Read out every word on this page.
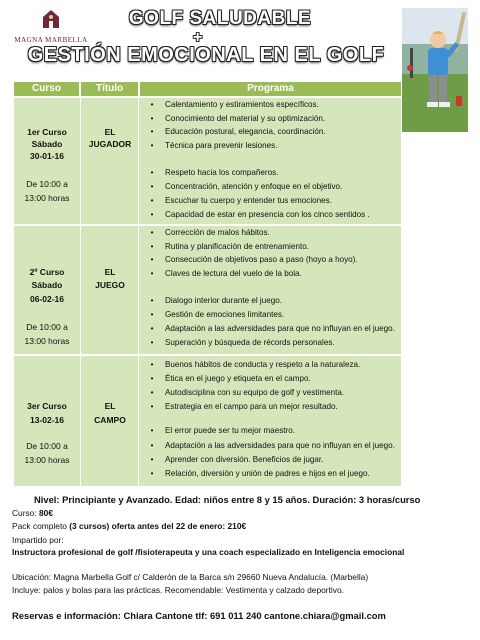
MAGNA MARBELLA
GOLF SALUDABLE
+
GESTIÓN EMOCIONAL EN EL GOLF
Curso	Título	Programa
1er Curso
Sábado
30-01-16
De 10:00 a
13:00 horas
EL
JUGADOR
• Calentamiento y estiramientos específicos.
• Conocimiento del material y su optimización.
• Educación postural, elegancia, coordinación.
• Técnica para prevenir lesiones.
• Respeto hacia los compañeros.
• Concentración, atención y enfoque en el objetivo.
• Escuchar tu cuerpo y entender tus emociones.
• Capacidad de estar en presencia con los cinco sentidos .
2º Curso
Sábado
06-02-16
De 10:00 a
13:00 horas
EL
JUEGO
• Corrección de malos hábitos.
• Rutina y planificación de entrenamiento.
• Consecución de objetivos paso a paso (hoyo a hoyo).
• Claves de lectura del vuelo de la bola.
• Dialogo interior durante el juego.
• Gestión de emociones limitantes.
• Adaptación a las adversidades para que no influyan en el juego.
• Superación y búsqueda de récords personales.
3er Curso
13-02-16
De 10:00 a
13:00 horas
EL
CAMPO
• Buenos hábitos de conducta y respeto a la naturaleza.
• Ética en el juego y etiqueta en el campo.
• Autodisciplina con su equipo de golf y vestimenta.
• Estrategia en el campo para un mejor resultado.
• El error puede ser tu mejor maestro.
• Adaptación a las adversidades para que no influyan en el juego.
• Aprender con diversión. Beneficios de jugar.
• Relación, diversión y unión de padres e hijos en el juego.
Nivel: Principiante y Avanzado. Edad: niños entre 8 y 15 años. Duración: 3 horas/curso
Curso: 80€
Pack completo (3 cursos) oferta antes del 22 de enero: 210€
Impartido por:
Instructora profesional de golf /fisioterapeuta y una coach especializado en Inteligencia emocional
Ubicación: Magna Marbella Golf c/ Calderón de la Barca s/n 29660 Nueva Andalucía. (Marbella)
Incluye: palos y bolas para las prácticas. Recomendable: Vestimenta y calzado deportivo.
Reservas e información: Chiara Cantone tlf: 691 011 240 cantone.chiara@gmail.com
